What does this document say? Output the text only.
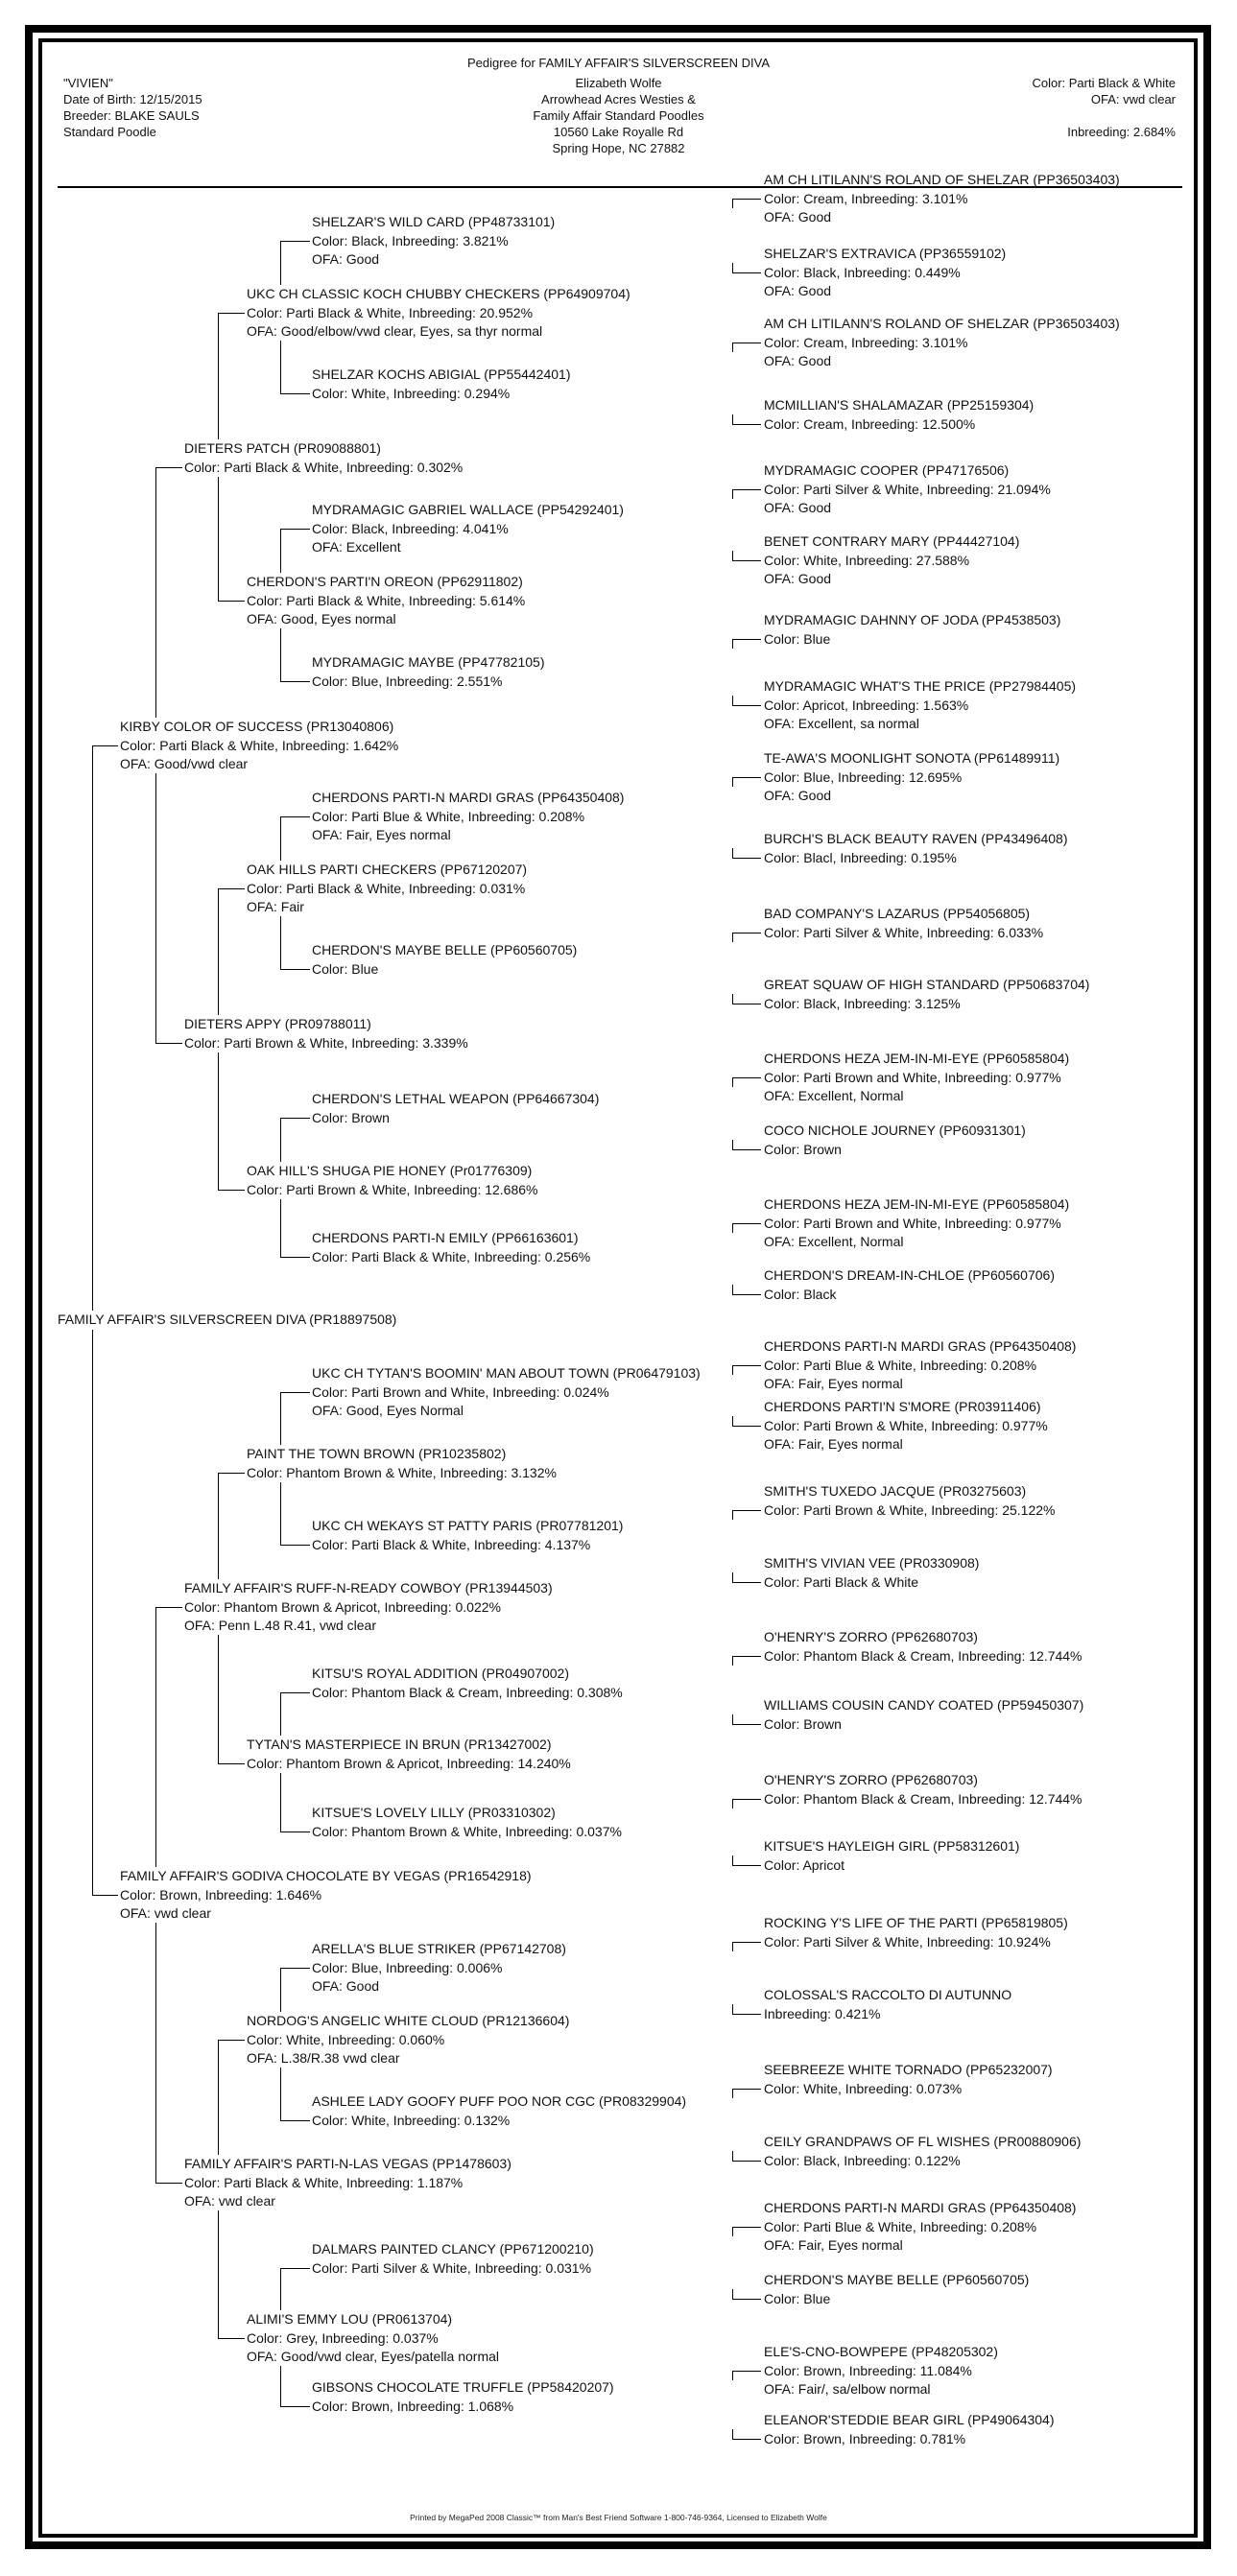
Pedigree for FAMILY AFFAIR'S SILVERSCREEN DIVA
"VIVIEN"
Date of Birth: 12/15/2015
Breeder: BLAKE SAULS
Standard Poodle
Elizabeth Wolfe
Arrowhead Acres Westies &
Family Affair Standard Poodles
10560 Lake Royalle Rd
Spring Hope, NC 27882
Color: Parti Black & White
OFA: vwd clear
Inbreeding: 2.684%
FAMILY AFFAIR'S SILVERSCREEN DIVA (PR18897508)
KIRBY COLOR OF SUCCESS (PR13040806)
Color: Parti Black & White, Inbreeding: 1.642%
OFA: Good/vwd clear
FAMILY AFFAIR'S GODIVA CHOCOLATE BY VEGAS (PR16542918)
Color: Brown, Inbreeding: 1.646%
OFA: vwd clear
DIETERS PATCH (PR09088801)
Color: Parti Black & White, Inbreeding: 0.302%
DIETERS APPY (PR09788011)
Color: Parti Brown & White, Inbreeding: 3.339%
FAMILY AFFAIR'S RUFF-N-READY COWBOY (PR13944503)
Color: Phantom Brown & Apricot, Inbreeding: 0.022%
OFA: Penn L.48 R.41, vwd clear
FAMILY AFFAIR'S PARTI-N-LAS VEGAS (PP1478603)
Color: Parti Black & White, Inbreeding: 1.187%
OFA: vwd clear
UKC CH CLASSIC KOCH CHUBBY CHECKERS (PP64909704)
Color: Parti Black & White, Inbreeding: 20.952%
OFA: Good/elbow/vwd clear, Eyes, sa thyr normal
CHERDON'S PARTI'N OREON (PP62911802)
Color: Parti Black & White, Inbreeding: 5.614%
OFA: Good, Eyes normal
OAK HILLS PARTI CHECKERS (PP67120207)
Color: Parti Black & White, Inbreeding: 0.031%
OFA: Fair
OAK HILL'S SHUGA PIE HONEY (Pr01776309)
Color: Parti Brown & White, Inbreeding: 12.686%
PAINT THE TOWN BROWN (PR10235802)
Color: Phantom Brown & White, Inbreeding: 3.132%
TYTAN'S MASTERPIECE IN BRUN (PR13427002)
Color: Phantom Brown & Apricot, Inbreeding: 14.240%
NORDOG'S ANGELIC WHITE CLOUD (PR12136604)
Color: White, Inbreeding: 0.060%
OFA: L.38/R.38 vwd clear
ALIMI'S EMMY LOU (PR0613704)
Color: Grey, Inbreeding: 0.037%
OFA: Good/vwd clear, Eyes/patella normal
SHELZAR'S WILD CARD (PP48733101)
Color: Black, Inbreeding: 3.821%
OFA: Good
SHELZAR KOCHS ABIGIAL (PP55442401)
Color: White, Inbreeding: 0.294%
MYDRAMAGIC GABRIEL WALLACE (PP54292401)
Color: Black, Inbreeding: 4.041%
OFA: Excellent
MYDRAMAGIC MAYBE (PP47782105)
Color: Blue, Inbreeding: 2.551%
CHERDONS PARTI-N MARDI GRAS (PP64350408)
Color: Parti Blue & White, Inbreeding: 0.208%
OFA: Fair, Eyes normal
CHERDON'S MAYBE BELLE (PP60560705)
Color: Blue
CHERDON'S LETHAL WEAPON (PP64667304)
Color: Brown
CHERDONS PARTI-N EMILY (PP66163601)
Color: Parti Black & White, Inbreeding: 0.256%
UKC CH TYTAN'S BOOMIN' MAN ABOUT TOWN (PR06479103)
Color: Parti Brown and White, Inbreeding: 0.024%
OFA: Good, Eyes Normal
UKC CH WEKAYS ST PATTY PARIS (PR07781201)
Color: Parti Black & White, Inbreeding: 4.137%
KITSU'S ROYAL ADDITION (PR04907002)
Color: Phantom Black & Cream, Inbreeding: 0.308%
KITSUE'S LOVELY LILLY (PR03310302)
Color: Phantom Brown & White, Inbreeding: 0.037%
ARELLA'S BLUE STRIKER (PP67142708)
Color: Blue, Inbreeding: 0.006%
OFA: Good
ASHLEE LADY GOOFY PUFF POO NOR CGC (PR08329904)
Color: White, Inbreeding: 0.132%
DALMARS PAINTED CLANCY (PP671200210)
Color: Parti Silver & White, Inbreeding: 0.031%
GIBSONS CHOCOLATE TRUFFLE (PP58420207)
Color: Brown, Inbreeding: 1.068%
AM CH LITILANN'S ROLAND OF SHELZAR (PP36503403)
Color: Cream, Inbreeding: 3.101%
OFA: Good
SHELZAR'S EXTRAVICA (PP36559102)
Color: Black, Inbreeding: 0.449%
OFA: Good
AM CH LITILANN'S ROLAND OF SHELZAR (PP36503403)
Color: Cream, Inbreeding: 3.101%
OFA: Good
MCMILLIAN'S SHALAMAZAR (PP25159304)
Color: Cream, Inbreeding: 12.500%
MYDRAMAGIC COOPER (PP47176506)
Color: Parti Silver & White, Inbreeding: 21.094%
OFA: Good
BENET CONTRARY MARY (PP44427104)
Color: White, Inbreeding: 27.588%
OFA: Good
MYDRAMAGIC DAHNNY OF JODA (PP4538503)
Color: Blue
MYDRAMAGIC WHAT'S THE PRICE (PP27984405)
Color: Apricot, Inbreeding: 1.563%
OFA: Excellent, sa normal
TE-AWA'S MOONLIGHT SONOTA (PP61489911)
Color: Blue, Inbreeding: 12.695%
OFA: Good
BURCH'S BLACK BEAUTY RAVEN (PP43496408)
Color: Blacl, Inbreeding: 0.195%
BAD COMPANY'S LAZARUS (PP54056805)
Color: Parti Silver & White, Inbreeding: 6.033%
GREAT SQUAW OF HIGH STANDARD (PP50683704)
Color: Black, Inbreeding: 3.125%
CHERDONS HEZA JEM-IN-MI-EYE (PP60585804)
Color: Parti Brown and White, Inbreeding: 0.977%
OFA: Excellent, Normal
COCO NICHOLE JOURNEY (PP60931301)
Color: Brown
CHERDONS HEZA JEM-IN-MI-EYE (PP60585804)
Color: Parti Brown and White, Inbreeding: 0.977%
OFA: Excellent, Normal
CHERDON'S DREAM-IN-CHLOE (PP60560706)
Color: Black
CHERDONS PARTI-N MARDI GRAS (PP64350408)
Color: Parti Blue & White, Inbreeding: 0.208%
OFA: Fair, Eyes normal
CHERDONS PARTI'N S'MORE (PR03911406)
Color: Parti Brown & White, Inbreeding: 0.977%
OFA: Fair, Eyes normal
SMITH'S TUXEDO JACQUE (PR03275603)
Color: Parti Brown & White, Inbreeding: 25.122%
SMITH'S VIVIAN VEE (PR0330908)
Color: Parti Black & White
O'HENRY'S ZORRO (PP62680703)
Color: Phantom Black & Cream, Inbreeding: 12.744%
WILLIAMS COUSIN CANDY COATED (PP59450307)
Color: Brown
O'HENRY'S ZORRO (PP62680703)
Color: Phantom Black & Cream, Inbreeding: 12.744%
KITSUE'S HAYLEIGH GIRL (PP58312601)
Color: Apricot
ROCKING Y'S LIFE OF THE PARTI (PP65819805)
Color: Parti Silver & White, Inbreeding: 10.924%
COLOSSAL'S RACCOLTO DI AUTUNNO
Inbreeding: 0.421%
SEEBREEZE WHITE TORNADO (PP65232007)
Color: White, Inbreeding: 0.073%
CEILY GRANDPAWS OF FL WISHES (PR00880906)
Color: Black, Inbreeding: 0.122%
CHERDONS PARTI-N MARDI GRAS (PP64350408)
Color: Parti Blue & White, Inbreeding: 0.208%
OFA: Fair, Eyes normal
CHERDON'S MAYBE BELLE (PP60560705)
Color: Blue
ELE'S-CNO-BOWPEPE (PP48205302)
Color: Brown, Inbreeding: 11.084%
OFA: Fair/, sa/elbow normal
ELEANOR'STEDDIE BEAR GIRL (PP49064304)
Color: Brown, Inbreeding: 0.781%
Printed by MegaPed 2008 Classic™ from Man's Best Friend Software 1-800-746-9364, Licensed to Elizabeth Wolfe
